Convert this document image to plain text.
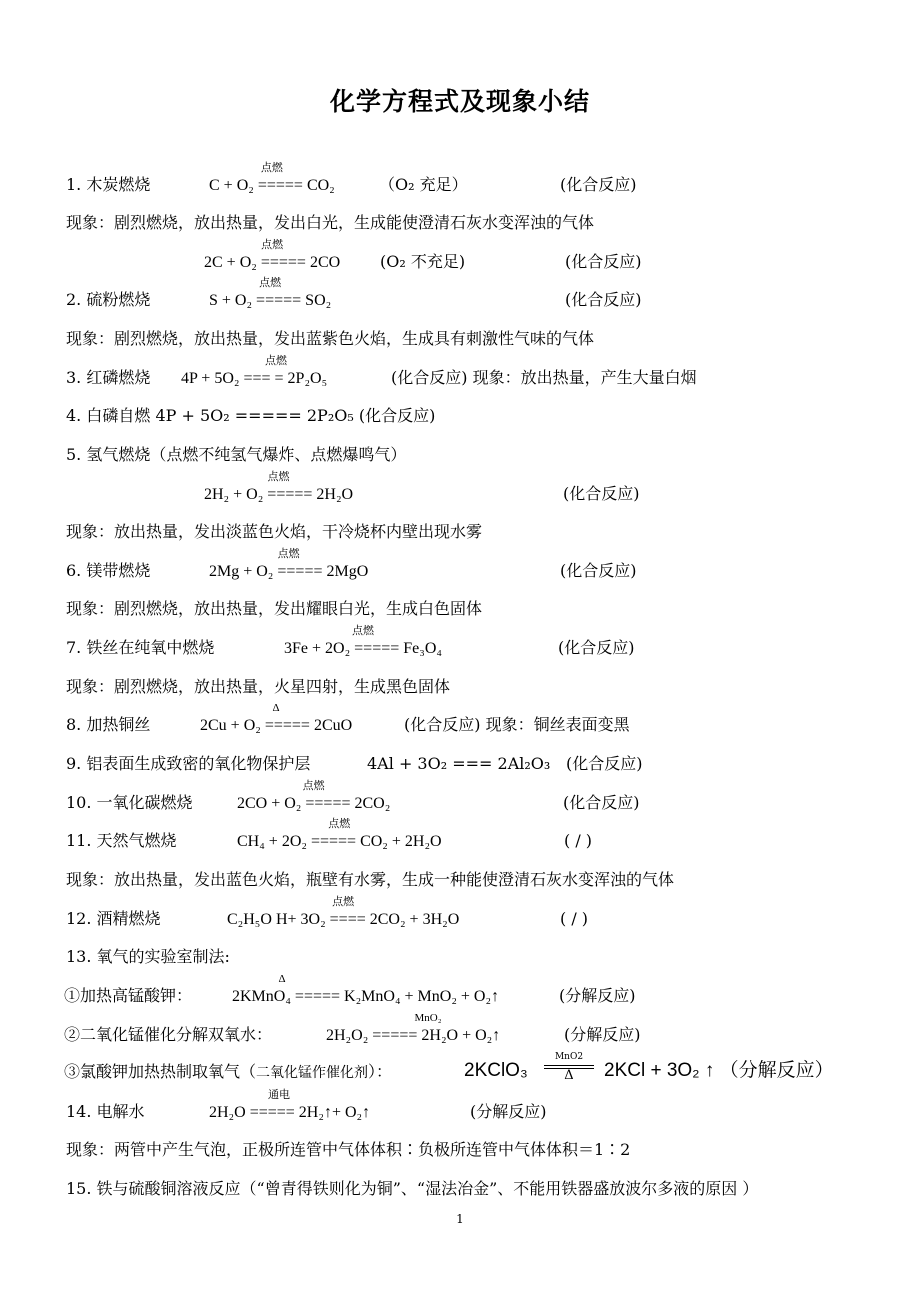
化学方程式及现象小结
1. 木炭燃烧
点燃
C + O₂ ===== CO₂	（O₂ 充足）	(化合反应)
现象：剧烈燃烧，放出热量，发出白光，生成能使澄清石灰水变浑浊的气体
点燃
2C + O₂ ===== 2CO (O₂ 不充足)	(化合反应)
2. 硫粉燃烧
点燃
S + O₂ ===== SO₂	(化合反应)
现象：剧烈燃烧，放出热量，发出蓝紫色火焰，生成具有刺激性气味的气体
3. 红磷燃烧
点燃
4P + 5O₂ === = 2P₂O₅	(化合反应) 现象：放出热量，产生大量白烟
4. 白磷自燃 4P + 5O₂ ===== 2P₂O₅ (化合反应)
5. 氢气燃烧（点燃不纯氢气爆炸、点燃爆鸣气）
点燃
2H₂ + O₂ ===== 2H₂O	(化合反应)
现象：放出热量，发出淡蓝色火焰，干冷烧杯内壁出现水雾
6. 镁带燃烧
点燃
2Mg + O₂ ===== 2MgO	(化合反应)
现象：剧烈燃烧，放出热量，发出耀眼白光，生成白色固体
7. 铁丝在纯氧中燃烧
点燃
3Fe + 2O₂ ===== Fe₃O₄	(化合反应)
现象：剧烈燃烧，放出热量，火星四射，生成黑色固体
8. 加热铜丝
Δ
2Cu + O₂ ===== 2CuO	(化合反应) 现象：铜丝表面变黑
9. 铝表面生成致密的氧化物保护层	4Al + 3O₂ === 2Al₂O₃ (化合反应)
10. 一氧化碳燃烧
点燃
2CO + O₂ ===== 2CO₂	(化合反应)
11. 天然气燃烧
点燃
CH₄ + 2O₂ ===== CO₂ + 2H₂O	( / )
现象：放出热量，发出蓝色火焰，瓶壁有水雾，生成一种能使澄清石灰水变浑浊的气体
12. 酒精燃烧
点燃
C₂H₅O H+ 3O₂ ==== 2CO₂ + 3H₂O	( / )
13. 氧气的实验室制法:
①加热高锰酸钾：
Δ
2KMnO₄ ===== K₂MnO₄ + MnO₂ + O₂↑	(分解反应)
②二氧化锰催化分解双氧水：
MnO₂
2H₂O₂ ===== 2H₂O + O₂↑	(分解反应)
③氯酸钾加热热制取氧气（二氧化锰作催化剂）：	2KClO₃ $\frac{\text{MnO2}}{\Delta} 2KCl + 3O_2$ ↑ （分解反应）
14. 电解水
通电
2H₂O ===== 2H₂↑+ O₂↑	(分解反应)
现象：两管中产生气泡，正极所连管中气体体积∶负极所连管中气体体积＝1∶2
15. 铁与硫酸铜溶液反应（“曾青得铁则化为铜”、“湿法冶金”、不能用铁器盛放波尔多液的原因 ）
1
